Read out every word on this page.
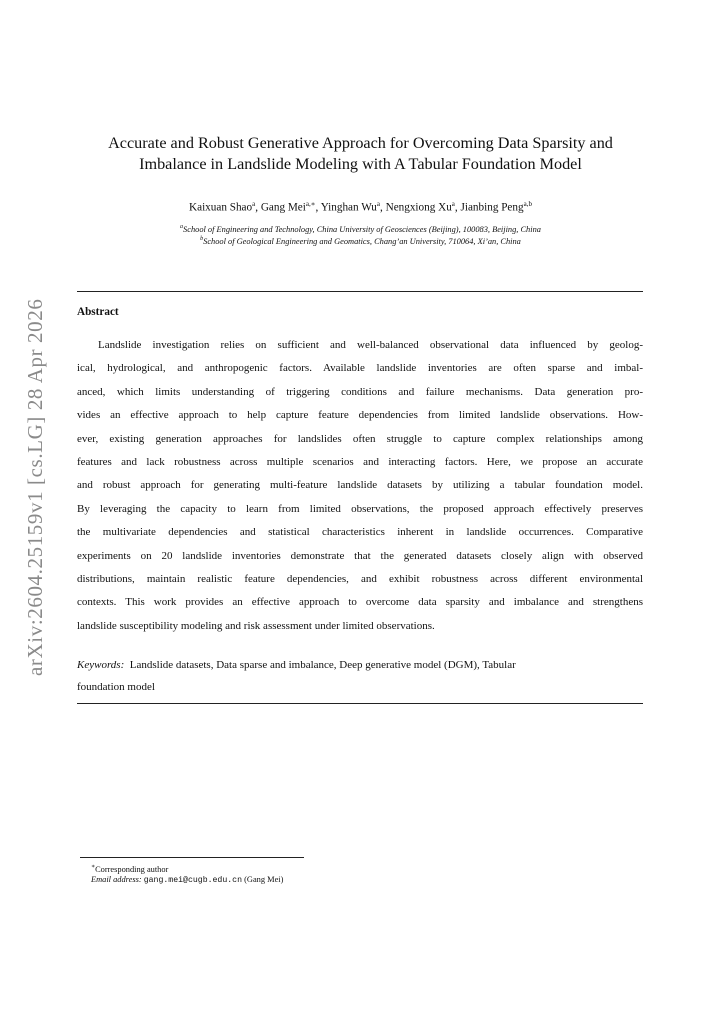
arXiv:2604.25159v1 [cs.LG] 28 Apr 2026
Accurate and Robust Generative Approach for Overcoming Data Sparsity and
Imbalance in Landslide Modeling with A Tabular Foundation Model
Kaixuan Shao$^a$, Gang Mei$^{a,∗}$, Yinghan Wu$^a$, Nengxiong Xu$^a$, Jianbing Peng$^{a,b}$
$^a$School of Engineering and Technology, China University of Geosciences (Beijing), 100083, Beijing, China
$^b$School of Geological Engineering and Geomatics, Chang’an University, 710064, Xi’an, China
Abstract
Landslide investigation relies on sufficient and well-balanced observational data influenced by geolog-
ical, hydrological, and anthropogenic factors. Available landslide inventories are often sparse and imbal-
anced, which limits understanding of triggering conditions and failure mechanisms. Data generation pro-
vides an effective approach to help capture feature dependencies from limited landslide observations. How-
ever, existing generation approaches for landslides often struggle to capture complex relationships among
features and lack robustness across multiple scenarios and interacting factors. Here, we propose an accurate
and robust approach for generating multi-feature landslide datasets by utilizing a tabular foundation model.
By leveraging the capacity to learn from limited observations, the proposed approach effectively preserves
the multivariate dependencies and statistical characteristics inherent in landslide occurrences. Comparative
experiments on 20 landslide inventories demonstrate that the generated datasets closely align with observed
distributions, maintain realistic feature dependencies, and exhibit robustness across different environmental
contexts. This work provides an effective approach to overcome data sparsity and imbalance and strengthens
landslide susceptibility modeling and risk assessment under limited observations.
Keywords: Landslide datasets, Data sparse and imbalance, Deep generative model (DGM), Tabular
foundation model
∗Corresponding author
Email address: gang.mei@cugb.edu.cn (Gang Mei)
